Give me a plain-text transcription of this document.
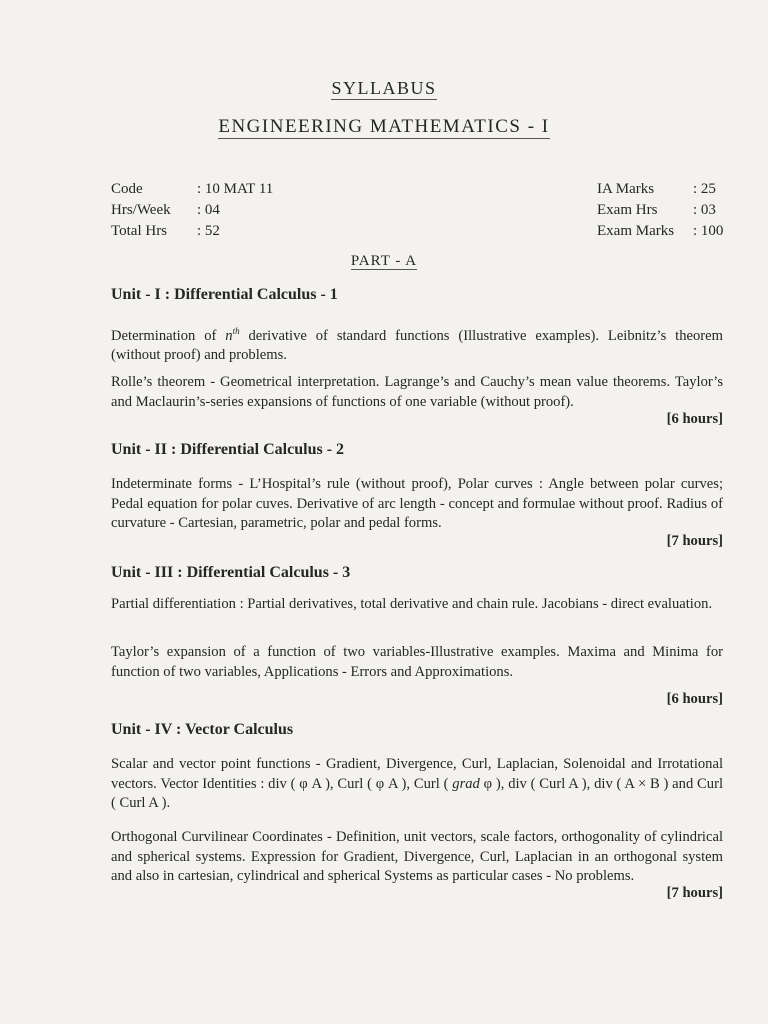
SYLLABUS
ENGINEERING MATHEMATICS - I
Code	: 10 MAT 11
Hrs/Week	: 04
Total Hrs	: 52
IA Marks	: 25
Exam Hrs	: 03
Exam Marks	: 100
PART - A
Unit - I : Differential Calculus - 1

Determination of $n^{th}$ derivative of standard functions (Illustrative examples). Leibnitz’s theorem (without proof) and problems.

Rolle’s theorem - Geometrical interpretation. Lagrange’s and Cauchy’s mean value theorems. Taylor’s and Maclaurin’s-series expansions of functions of one variable (without proof).

[6 hours]
Unit - II : Differential Calculus - 2

Indeterminate forms - L’Hospital’s rule (without proof), Polar curves : Angle between polar curves; Pedal equation for polar cuves. Derivative of arc length - concept and formulae without proof. Radius of curvature - Cartesian, parametric, polar and pedal forms.

[7 hours]
Unit - III : Differential Calculus - 3

Partial differentiation : Partial derivatives, total derivative and chain rule. Jacobians - direct evaluation.

Taylor’s expansion of a function of two variables-Illustrative examples. Maxima and Minima for function of two variables, Applications - Errors and Approximations.

[6 hours]
Unit - IV : Vector Calculus

Scalar and vector point functions - Gradient, Divergence, Curl, Laplacian, Solenoidal and Irrotational vectors. Vector Identities : div ( φ A ), Curl ( φ A ), Curl ( grad φ ), div ( Curl A ), div ( A × B ) and Curl ( Curl A ).

Orthogonal Curvilinear Coordinates - Definition, unit vectors, scale factors, orthogonality of cylindrical and spherical systems. Expression for Gradient, Divergence, Curl, Laplacian in an orthogonal system and also in cartesian, cylindrical and spherical Systems as particular cases - No problems.

[7 hours]
